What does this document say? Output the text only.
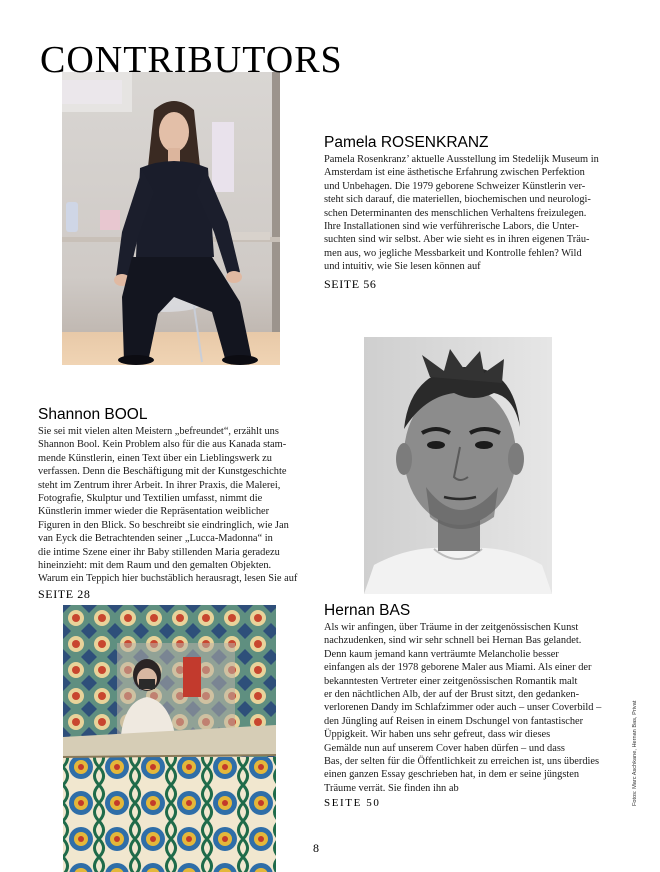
CONTRIBUTORS
Pamela ROSENKRANZ
Pamela Rosenkranz’ aktuelle Ausstellung im Stedelijk Museum in
Amsterdam ist eine ästhetische Erfahrung zwischen Perfektion
und Unbehagen. Die 1979 geborene Schweizer Künstlerin ver-
steht sich darauf, die materiellen, biochemischen und neurologi-
schen Determinanten des menschlichen Verhaltens freizulegen.
Ihre Installationen sind wie verführerische Labors, die Unter-
suchten sind wir selbst. Aber wie sieht es in ihren eigenen Träu-
men aus, wo jegliche Messbarkeit und Kontrolle fehlen? Wild
und intuitiv, wie Sie lesen können auf
SEITE 56
Shannon BOOL
Sie sei mit vielen alten Meistern „befreundet“, erzählt uns
Shannon Bool. Kein Problem also für die aus Kanada stam-
mende Künstlerin, einen Text über ein Lieblingswerk zu
verfassen. Denn die Beschäftigung mit der Kunstgeschichte
steht im Zentrum ihrer Arbeit. In ihrer Praxis, die Malerei,
Fotografie, Skulptur und Textilien umfasst, nimmt die
Künstlerin immer wieder die Repräsentation weiblicher
Figuren in den Blick. So beschreibt sie eindringlich, wie Jan
van Eyck die Betrachtenden seiner „Lucca-Madonna“ in
die intime Szene einer ihr Baby stillenden Maria geradezu
hineinzieht: mit dem Raum und den gemalten Objekten.
Warum ein Teppich hier buchstäblich herausragt, lesen Sie auf
SEITE 28
Hernan BAS
Als wir anfingen, über Träume in der zeitgenössischen Kunst
nachzudenken, sind wir sehr schnell bei Hernan Bas gelandet.
Denn kaum jemand kann verträumte Melancholie besser
einfangen als der 1978 geborene Maler aus Miami. Als einer der
bekanntesten Vertreter einer zeitgenössischen Romantik malt
er den nächtlichen Alb, der auf der Brust sitzt, den gedanken-
verlorenen Dandy im Schlafzimmer oder auch – unser Coverbild –
den Jüngling auf Reisen in einem Dschungel von fantastischer
Üppigkeit. Wir haben uns sehr gefreut, dass wir dieses
Gemälde nun auf unserem Cover haben dürfen – und dass
Bas, der selten für die Öffentlichkeit zu erreichen ist, uns überdies
einen ganzen Essay geschrieben hat, in dem er seine jüngsten
Träume verrät. Sie finden ihn ab
SEITE 50	Fotos: Marc Aschkane, Hernan Bas, Privat
8
